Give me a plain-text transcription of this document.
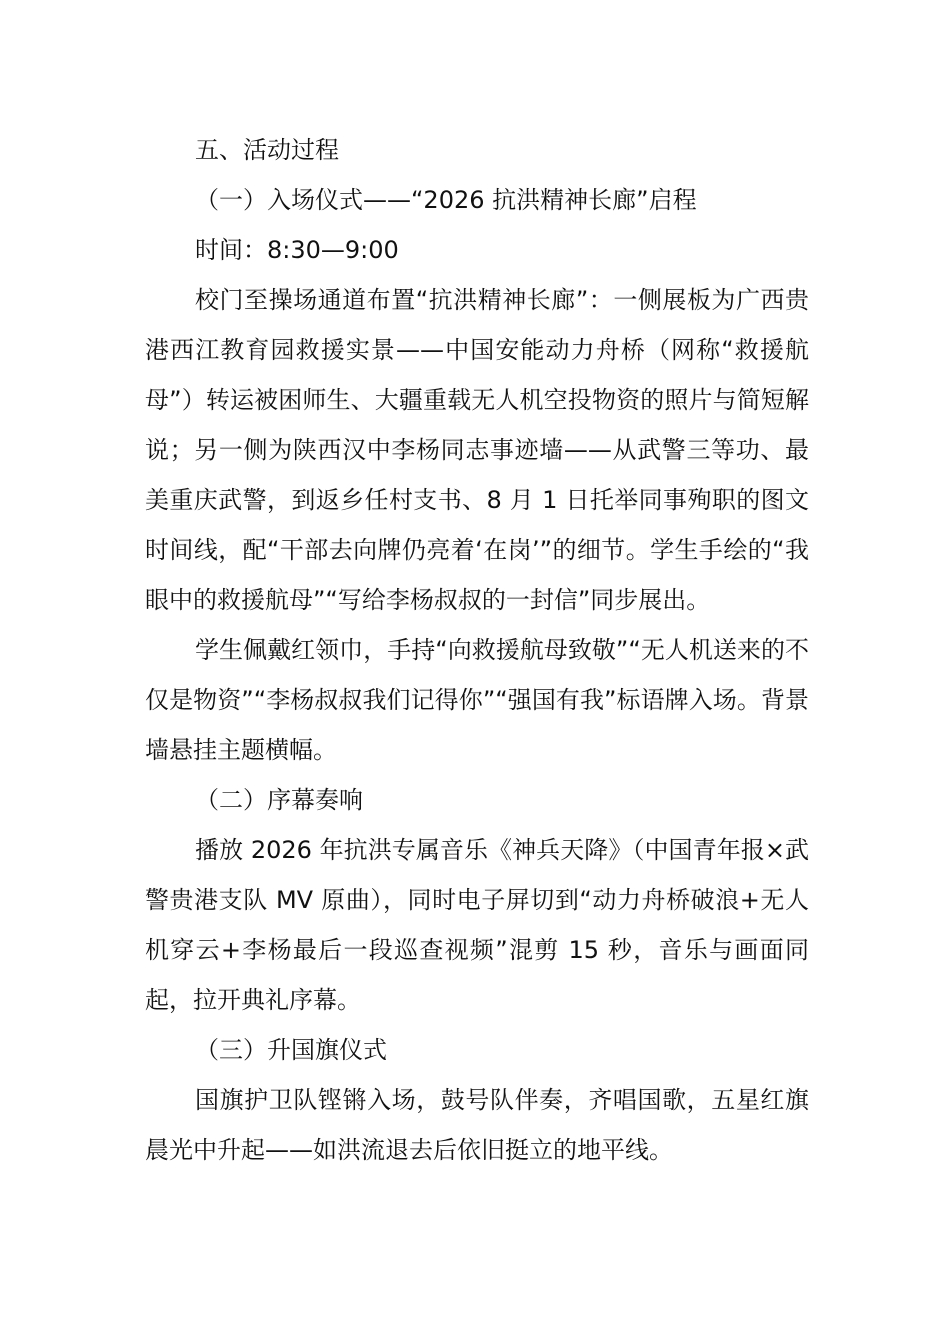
五、活动过程

（一）入场仪式——“2026 抗洪精神长廊”启程

时间：8:30—9:00

校门至操场通道布置“抗洪精神长廊”：一侧展板为广西贵港西江教育园救援实景——中国安能动力舟桥（网称“救援航母”）转运被困师生、大疆重载无人机空投物资的照片与简短解说；另一侧为陕西汉中李杨同志事迹墙——从武警三等功、最美重庆武警，到返乡任村支书、8 月 1 日托举同事殉职的图文时间线，配“干部去向牌仍亮着‘在岗’”的细节。学生手绘的“我眼中的救援航母”“写给李杨叔叔的一封信”同步展出。

学生佩戴红领巾，手持“向救援航母致敬”“无人机送来的不仅是物资”“李杨叔叔我们记得你”“强国有我”标语牌入场。背景墙悬挂主题横幅。

（二）序幕奏响

播放 2026 年抗洪专属音乐《神兵天降》（中国青年报×武警贵港支队 MV 原曲），同时电子屏切到“动力舟桥破浪+无人机穿云+李杨最后一段巡查视频”混剪 15 秒，音乐与画面同起，拉开典礼序幕。

（三）升国旗仪式

国旗护卫队铿锵入场，鼓号队伴奏，齐唱国歌，五星红旗晨光中升起——如洪流退去后依旧挺立的地平线。
